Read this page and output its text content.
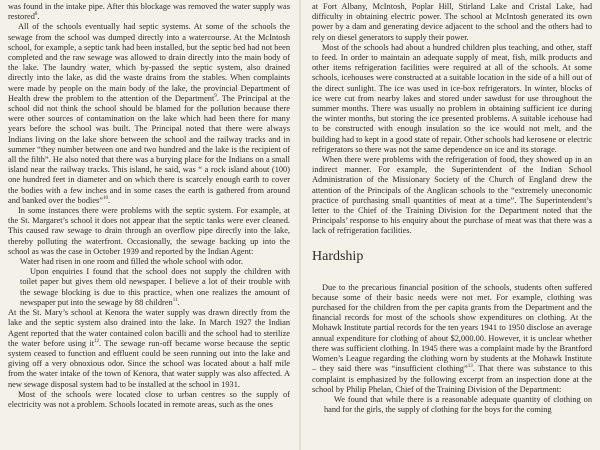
was found in the intake pipe. After this blockage was removed the water supply was restored$^8$.

All of the schools eventually had septic systems. At some of the schools the sewage from the school was dumped directly into a watercourse. At the McIntosh school, for example, a septic tank had been installed, but the septic bed had not been completed and the raw sewage was allowed to drain directly into the main body of the lake. The laundry water, which by-passed the septic system, also drained directly into the lake, as did the waste drains from the stables. When complaints were made by people on the main body of the lake, the provincial Department of Health drew the problem to the attention of the Department$^9$. The Principal at the school did not think the school should be blamed for the pollution because there were other sources of contamination on the lake which had been there for many years before the school was built. The Principal noted that there were always Indians living on the lake shore between the school and the railway tracks and in summer “they number between one and two hundred and the lake is the recipient of all the filth”. He also noted that there was a burying place for the Indians on a small island near the railway tracks. This island, he said, was “ a rock island about (100) one hundred feet in diameter and on which there is scarcely enough earth to cover the bodies with a few inches and in some cases the earth is gathered from around and banked over the bodies”$^{10}$.

In some instances there were problems with the septic system. For example, at the St. Margaret’s school it does not appear that the septic tanks were ever cleaned. This caused raw sewage to drain through an overflow pipe directly into the lake, thereby polluting the waterfront. Occasionally, the sewage backing up into the school as was the case in October 1939 and reported by the Indian Agent:

Water had risen in one room and filled the whole school with odor.

Upon enquiries I found that the school does not supply the children with toilet paper but gives them old newspaper. I believe a lot of their trouble with the sewage blocking is due to this practice, when one realizes the amount of newspaper put into the sewage by 88 children$^{11}$.

At the St. Mary’s school at Kenora the water supply was drawn directly from the lake and the septic system also drained into the lake. In March 1927 the Indian Agent reported that the water contained colon bacilli and the school had to sterilize the water before using $it^{12}$. The sewage run-off became worse because the septic system ceased to function and effluent could be seen running out into the lake and giving off a very obnoxious odor. Since the school was located about a half mile from the water intake of the town of Kenora, that water supply was also affected. A new sewage disposal system had to be installed at the school in 1931.

Most of the schools were located close to urban centres so the supply of electricity was not a problem. Schools located in remote areas, such as the ones

at Fort Albany, McIntosh, Poplar Hill, Stirland Lake and Cristal Lake, had difficulty in obtaining electric power. The school at McIntosh generated its own power by a dam and generating device adjacent to the school and the others had to rely on diesel generators to supply their power.

Most of the schools had about a hundred children plus teaching, and other, staff to feed. In order to maintain an adequate supply of meat, fish, milk products and other items refrigeration facilities were required at all of the schools. At some schools, icehouses were constructed at a suitable location in the side of a hill out of the direct sunlight. The ice was used in ice-box refrigerators. In winter, blocks of ice were cut from nearby lakes and stored under sawdust for use throughout the summer months. There was usually no problem in obtaining sufficient ice during the winter months, but storing the ice presented problems. A suitable icehouse had to be constructed with enough insulation so the ice would not melt, and the building had to kept in a good state of repair. Other schools had kerosene or electric refrigerators so there was not the same dependence on ice and its storage.

When there were problems with the refrigeration of food, they showed up in an indirect manner. For example, the Superintendent of the Indian School Administration of the Missionary Society of the Church of England drew the attention of the Principals of the Anglican schools to the “extremely uneconomic practice of purchasing small quantities of meat at a time”. The Superintendent’s letter to the Chief of the Training Division for the Department noted that the Principals’ response to his enquiry about the purchase of meat was that there was a lack of refrigeration facilities.

Hardship

Due to the precarious financial position of the schools, students often suffered because some of their basic needs were not met. For example, clothing was purchased for the children from the per capita grants from the Department and the financial records for most of the schools show expenditures on clothing. At the Mohawk Institute partial records for the ten years 1941 to 1950 disclose an average annual expenditure for clothing of about $2,000.00. However, it is unclear whether there was sufficient clothing. In 1945 there was a complaint made by the Brantford Women’s League regarding the clothing worn by students at the Mohawk Institute – they said there was “insufficient clothing”$^{13}$. That there was substance to this complaint is emphasized by the following excerpt from an inspection done at the school by Philip Phelan, Chief of the Training Division of the Department:

We found that while there is a reasonable adequate quantity of clothing on hand for the girls, the supply of clothing for the boys for the coming
